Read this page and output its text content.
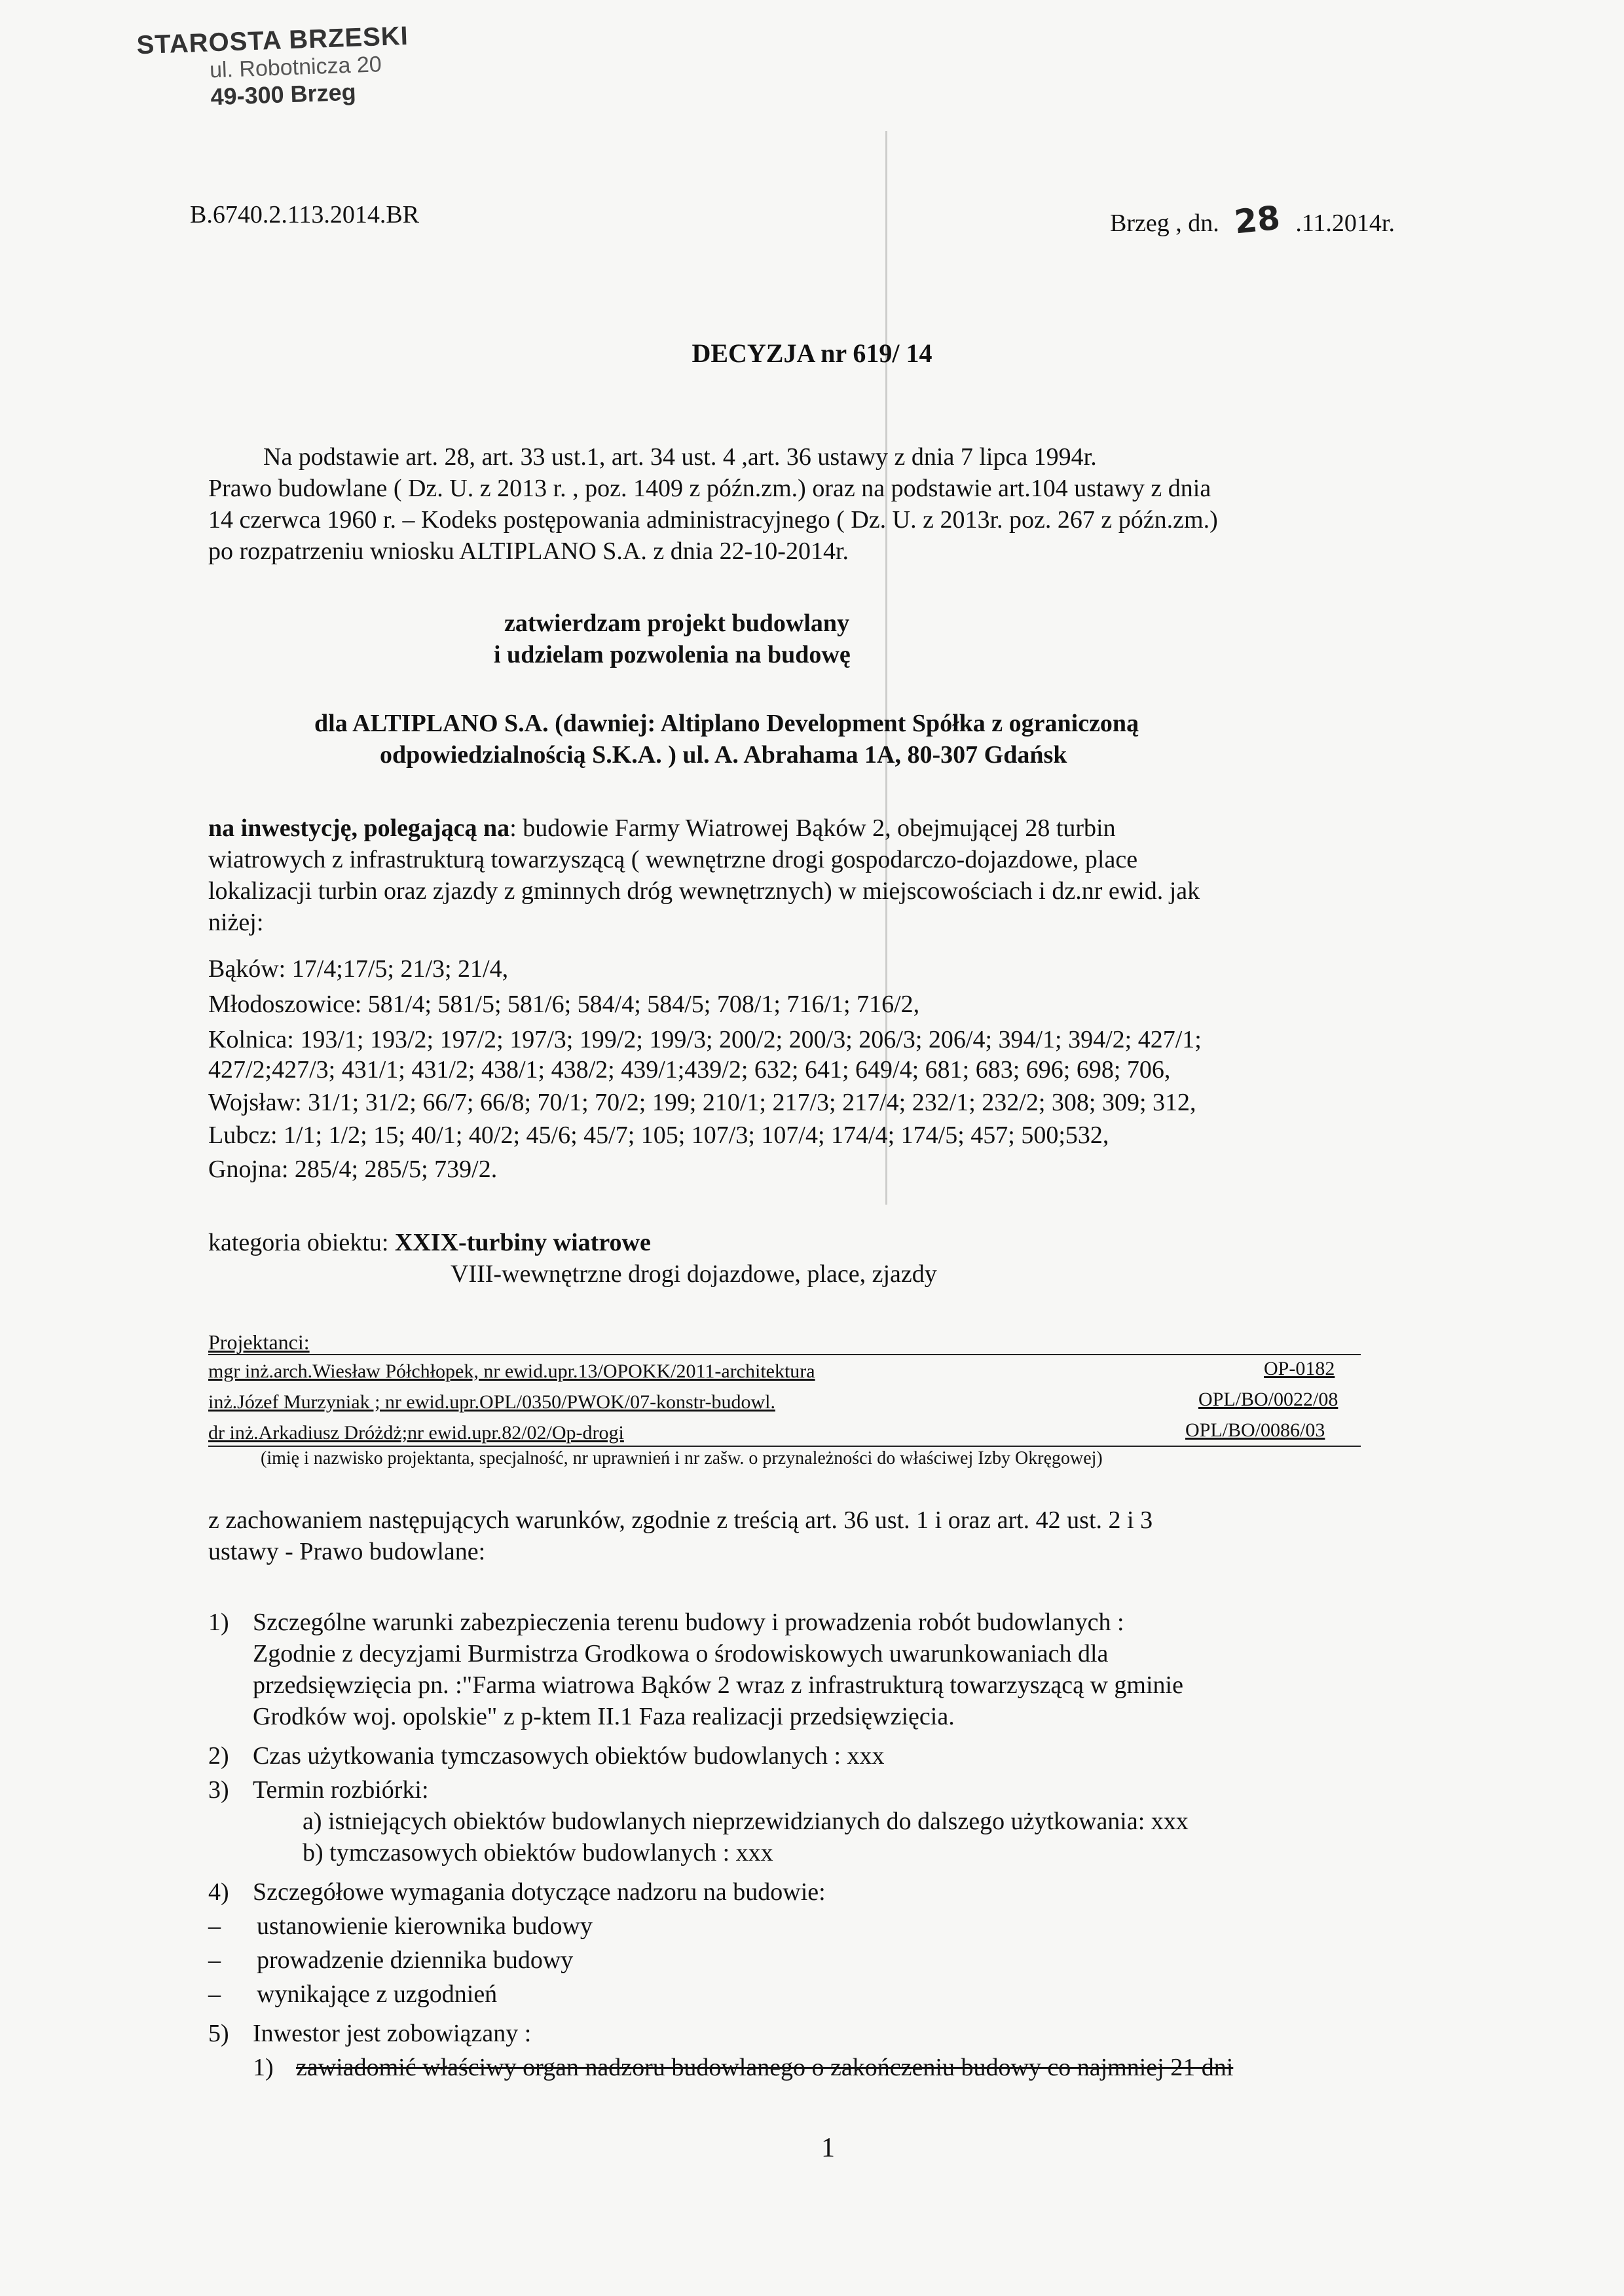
STAROSTA BRZESKI
ul. Robotnicza 20
49-300 Brzeg
B.6740.2.113.2014.BR	Brzeg , dn. 28 .11.2014r.
DECYZJA nr 619/ 14
Na podstawie art. 28, art. 33 ust.1, art. 34 ust. 4 ,art. 36 ustawy z dnia 7 lipca 1994r.
Prawo budowlane ( Dz. U. z 2013 r. , poz. 1409 z późn.zm.) oraz na podstawie art.104 ustawy z dnia
14 czerwca 1960 r. – Kodeks postępowania administracyjnego ( Dz. U. z 2013r. poz. 267 z późn.zm.)
po rozpatrzeniu wniosku ALTIPLANO S.A. z dnia 22-10-2014r.
zatwierdzam projekt budowlany
i udzielam pozwolenia na budowę
dla ALTIPLANO S.A. (dawniej: Altiplano Development Spółka z ograniczoną
odpowiedzialnością S.K.A. ) ul. A. Abrahama 1A, 80-307 Gdańsk
na inwestycję, polegającą na: budowie Farmy Wiatrowej Bąków 2, obejmującej 28 turbin
wiatrowych z infrastrukturą towarzyszącą ( wewnętrzne drogi gospodarczo-dojazdowe, place
lokalizacji turbin oraz zjazdy z gminnych dróg wewnętrznych) w miejscowościach i dz.nr ewid. jak
niżej:
Bąków: 17/4;17/5; 21/3; 21/4,
Młodoszowice: 581/4; 581/5; 581/6; 584/4; 584/5; 708/1; 716/1; 716/2,
Kolnica: 193/1; 193/2; 197/2; 197/3; 199/2; 199/3; 200/2; 200/3; 206/3; 206/4; 394/1; 394/2; 427/1;
427/2;427/3; 431/1; 431/2; 438/1; 438/2; 439/1;439/2; 632; 641; 649/4; 681; 683; 696; 698; 706,
Wojsław: 31/1; 31/2; 66/7; 66/8; 70/1; 70/2; 199; 210/1; 217/3; 217/4; 232/1; 232/2; 308; 309; 312,
Lubcz: 1/1; 1/2; 15; 40/1; 40/2; 45/6; 45/7; 105; 107/3; 107/4; 174/4; 174/5; 457; 500;532,
Gnojna: 285/4; 285/5; 739/2.
kategoria obiektu: XXIX-turbiny wiatrowe
VIII-wewnętrzne drogi dojazdowe, place, zjazdy
Projektanci:
mgr inż.arch.Wiesław Półchłopek, nr ewid.upr.13/OPOKK/2011-architektura	OP-0182
inż.Józef Murzyniak ; nr ewid.upr.OPL/0350/PWOK/07-konstr-budowl.	OPL/BO/0022/08
dr inż.Arkadiusz Dróżdż;nr ewid.upr.82/02/Op-drogi	OPL/BO/0086/03
(imię i nazwisko projektanta, specjalność, nr uprawnień i nr zašw. o przynależności do właściwej Izby Okręgowej)
z zachowaniem następujących warunków, zgodnie z treścią art. 36 ust. 1 i oraz art. 42 ust. 2 i 3
ustawy - Prawo budowlane:
1) Szczególne warunki zabezpieczenia terenu budowy i prowadzenia robót budowlanych :
Zgodnie z decyzjami Burmistrza Grodkowa o środowiskowych uwarunkowaniach dla
przedsięwzięcia pn. :"Farma wiatrowa Bąków 2 wraz z infrastrukturą towarzyszącą w gminie
Grodków woj. opolskie" z p-ktem II.1 Faza realizacji przedsięwzięcia.
2) Czas użytkowania tymczasowych obiektów budowlanych : xxx
3) Termin rozbiórki:
a) istniejących obiektów budowlanych nieprzewidzianych do dalszego użytkowania: xxx
b) tymczasowych obiektów budowlanych : xxx
4) Szczegółowe wymagania dotyczące nadzoru na budowie:
– ustanowienie kierownika budowy
– prowadzenie dziennika budowy
– wynikające z uzgodnień
5) Inwestor jest zobowiązany :
1) zawiadomić właściwy organ nadzoru budowlanego o zakończeniu budowy co najmniej 21 dni
1
